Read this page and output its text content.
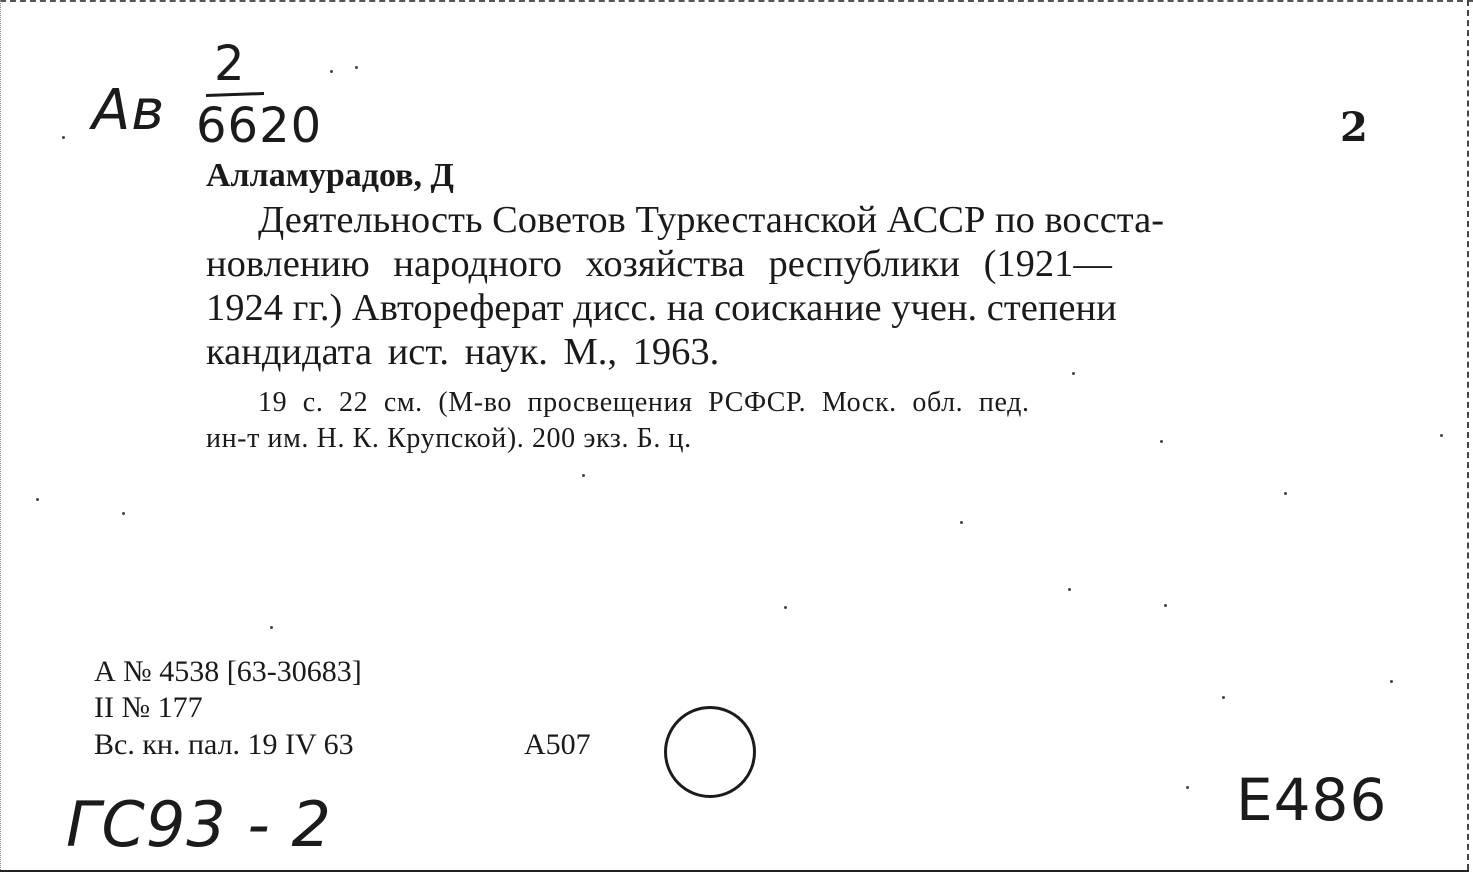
Ав
2
6620	2
Алламурадов, Д
Деятельность Советов Туркестанской АССР по восста-
новлению народного хозяйства республики (1921—
1924 гг.) Автореферат дисс. на соискание учен. степени
кандидата ист. наук. М., 1963.
19 с. 22 см. (М-во просвещения РСФСР. Моск. обл. пед.
ин-т им. Н. К. Крупской). 200 экз. Б. ц.
А № 4538 [63-30683]
II № 177
Вс. кн. пал. 19 IV 63	А507
ГС93 - 2	Е486
